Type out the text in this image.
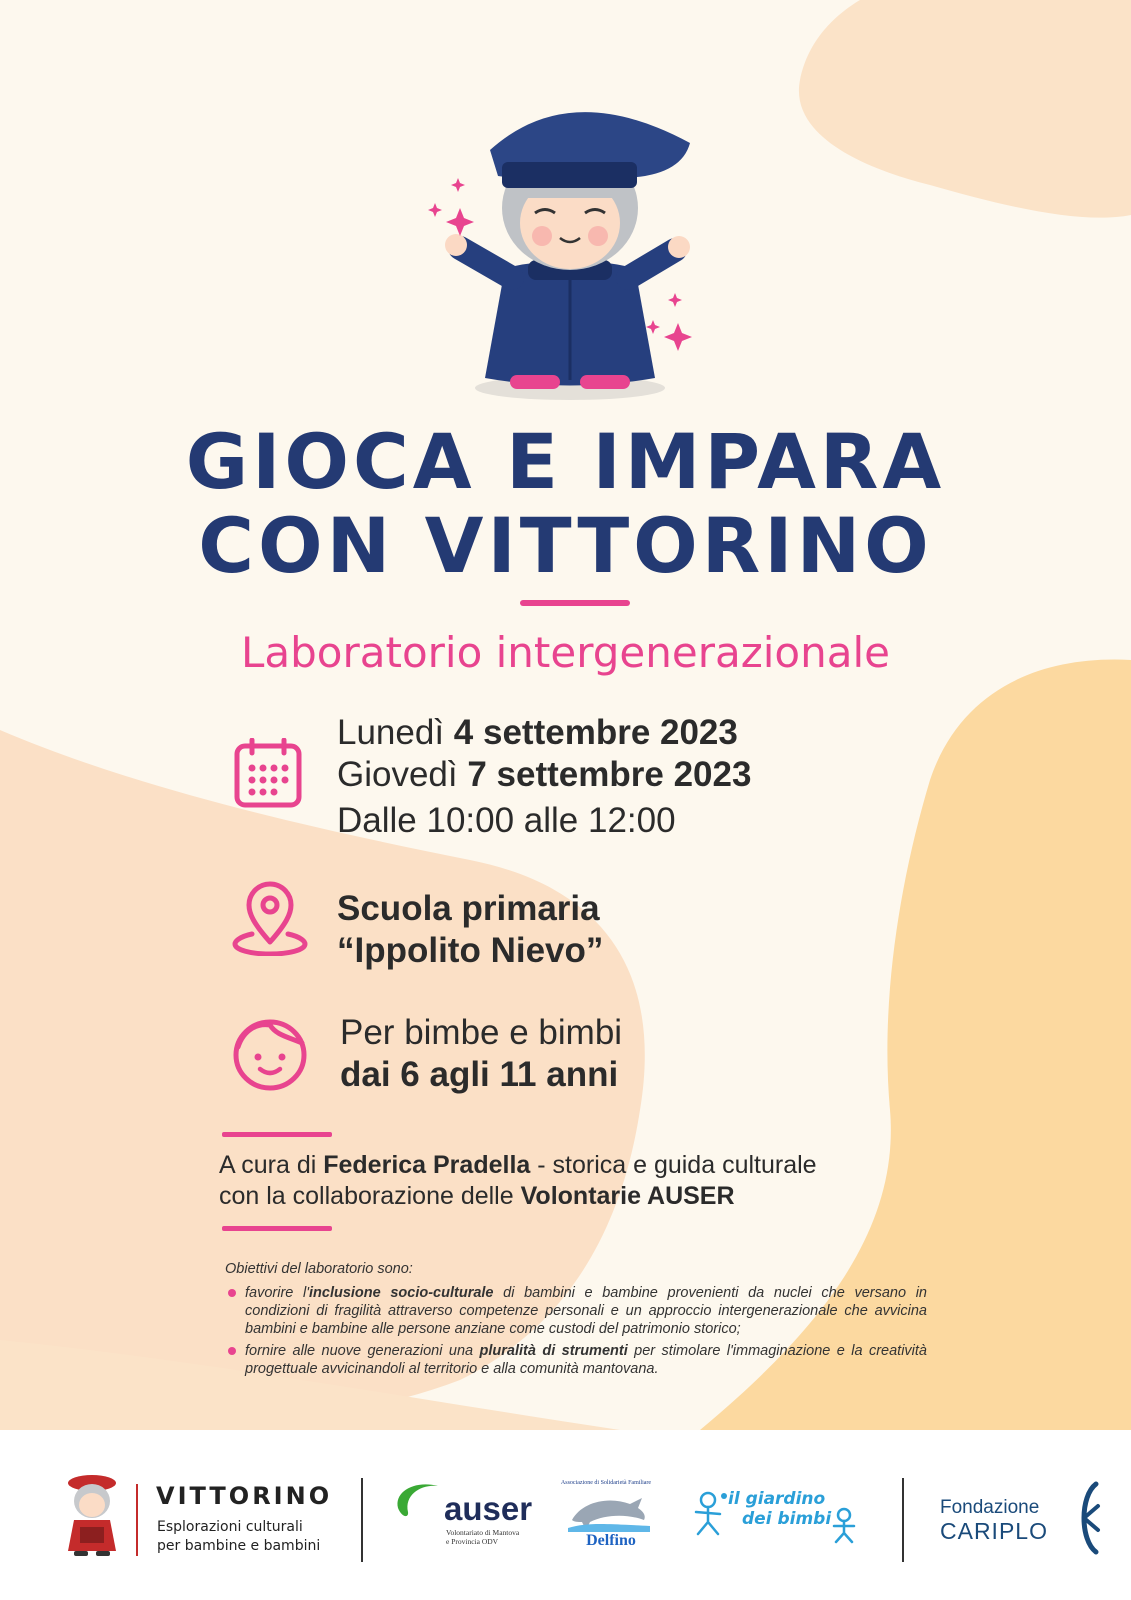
GIOCA E IMPARA
CON VITTORINO
Laboratorio intergenerazionale
Lunedì 4 settembre 2023
Giovedì 7 settembre 2023
Dalle 10:00 alle 12:00
Scuola primaria
“Ippolito Nievo”
Per bimbe e bimbi
dai 6 agli 11 anni
A cura di Federica Pradella - storica e guida culturale
con la collaborazione delle Volontarie AUSER
Obiettivi del laboratorio sono:
favorire l'inclusione socio-culturale di bambini e bambine provenienti da nuclei che versano in condizioni di fragilità attraverso competenze personali e un approccio intergenerazionale che avvicina bambini e bambine alle persone anziane come custodi del patrimonio storico;
fornire alle nuove generazioni una pluralità di strumenti per stimolare l'immaginazione e la creatività progettuale avvicinandoli al territorio e alla comunità mantovana.
VITTORINO
Esplorazioni culturali
per bambine e bambini
auser
Volontariato di Mantova
e Provincia ODV
Associazione di Solidarietà Familiare
Delfino
il giardino
dei bimbi
Fondazione
CARIPLO
